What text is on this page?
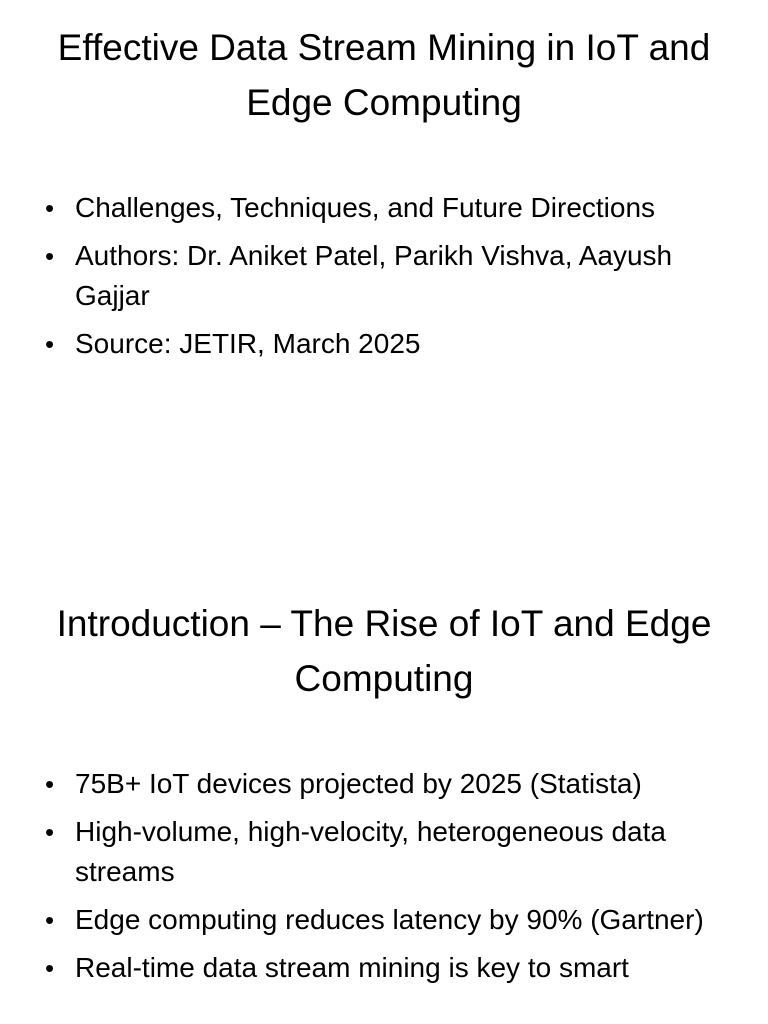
Effective Data Stream Mining in IoT and Edge Computing
• Challenges, Techniques, and Future Directions
• Authors: Dr. Aniket Patel, Parikh Vishva, Aayush Gajjar
• Source: JETIR, March 2025
Introduction – The Rise of IoT and Edge Computing
• 75B+ IoT devices projected by 2025 (Statista)
• High-volume, high-velocity, heterogeneous data streams
• Edge computing reduces latency by 90% (Gartner)
• Real-time data stream mining is key to smart
